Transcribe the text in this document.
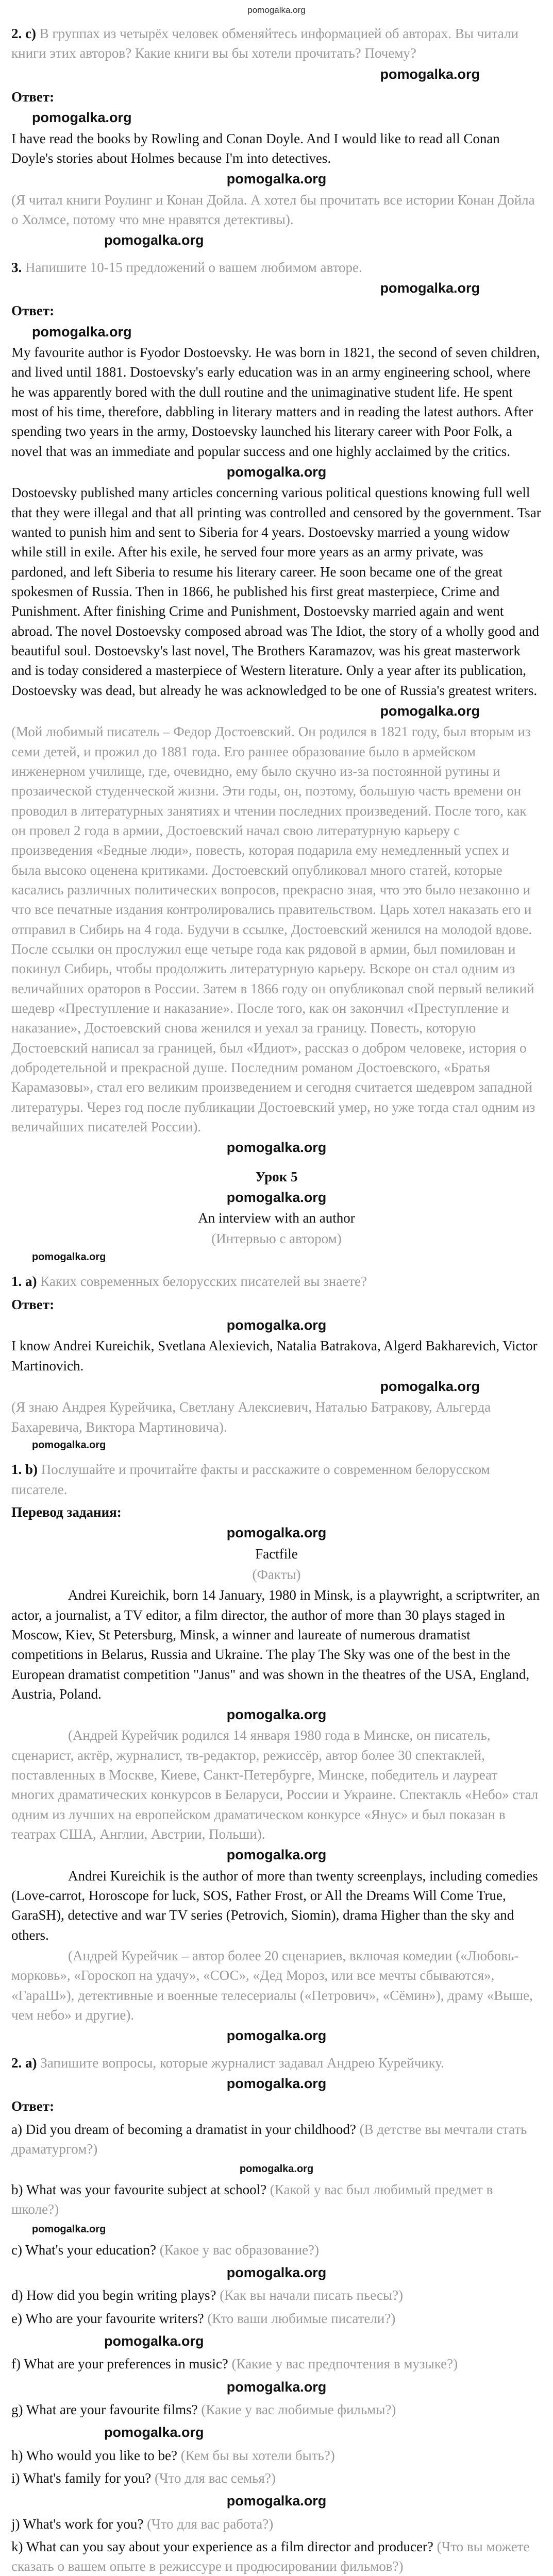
pomogalka.org

2. c) В группах из четырёх человек обменяйтесь информацией об авторах. Вы читали книги этих авторов? Какие книги вы бы хотели прочитать? Почему?

pomogalka.org

Ответ:

pomogalka.org

I have read the books by Rowling and Conan Doyle. And I would like to read all Conan Doyle's stories about Holmes because I'm into detectives.

pomogalka.org

(Я читал книги Роулинг и Конан Дойла. А хотел бы прочитать все истории Конан Дойла о Холмсе, потому что мне нравятся детективы).

pomogalka.org

3. Напишите 10-15 предложений о вашем любимом авторе.

pomogalka.org

Ответ:

pomogalka.org

My favourite author is Fyodor Dostoevsky. He was born in 1821, the second of seven children, and lived until 1881. Dostoevsky's early education was in an army engineering school, where he was apparently bored with the dull routine and the unimaginative student life. He spent most of his time, therefore, dabbling in literary matters and in reading the latest authors. After spending two years in the army, Dostoevsky launched his literary career with Poor Folk, a novel that was an immediate and popular success and one highly acclaimed by the critics.

pomogalka.org

Dostoevsky published many articles concerning various political questions knowing full well that they were illegal and that all printing was controlled and censored by the government. Tsar wanted to punish him and sent to Siberia for 4 years. Dostoevsky married a young widow while still in exile. After his exile, he served four more years as an army private, was pardoned, and left Siberia to resume his literary career. He soon became one of the great spokesmen of Russia. Then in 1866, he published his first great masterpiece, Crime and Punishment. After finishing Crime and Punishment, Dostoevsky married again and went abroad. The novel Dostoevsky composed abroad was The Idiot, the story of a wholly good and beautiful soul. Dostoevsky's last novel, The Brothers Karamazov, was his great masterwork and is today considered a masterpiece of Western literature. Only a year after its publication, Dostoevsky was dead, but already he was acknowledged to be one of Russia's greatest writers.

pomogalka.org

(Мой любимый писатель – Федор Достоевский. Он родился в 1821 году, был вторым из семи детей, и прожил до 1881 года. Его раннее образование было в армейском инженерном училище, где, очевидно, ему было скучно из-за постоянной рутины и прозаической студенческой жизни. Эти годы, он, поэтому, большую часть времени он проводил в литературных занятиях и чтении последних произведений. После того, как он провел 2 года в армии, Достоевский начал свою литературную карьеру с произведения «Бедные люди», повесть, которая подарила ему немедленный успех и была высоко оценена критиками. Достоевский опубликовал много статей, которые касались различных политических вопросов, прекрасно зная, что это было незаконно и что все печатные издания контролировались правительством. Царь хотел наказать его и отправил в Сибирь на 4 года. Будучи в ссылке, Достоевский женился на молодой вдове. После ссылки он прослужил еще четыре года как рядовой в армии, был помилован и покинул Сибирь, чтобы продолжить литературную карьеру. Вскоре он стал одним из величайших ораторов в России. Затем в 1866 году он опубликовал свой первый великий шедевр «Преступление и наказание». После того, как он закончил «Преступление и наказание», Достоевский снова женился и уехал за границу. Повесть, которую Достоевский написал за границей, был «Идиот», рассказ о добром человеке, история о добродетельной и прекрасной душе. Последним романом Достоевского, «Братья Карамазовы», стал его великим произведением и сегодня считается шедевром западной литературы. Через год после публикации Достоевский умер, но уже тогда стал одним из величайших писателей России).

pomogalka.org

Урок 5

pomogalka.org

An interview with an author

(Интервью с автором)

pomogalka.org

1. a) Каких современных белорусских писателей вы знаете?

Ответ:

pomogalka.org

I know Andrei Kureichik, Svetlana Alexievich, Natalia Batrakova, Algerd Bakharevich, Victor Martinovich.

pomogalka.org

(Я знаю Андрея Курейчика, Светлану Алексиевич, Наталью Батракову, Альгерда Бахаревича, Виктора Мартиновича).

pomogalka.org

1. b) Послушайте и прочитайте факты и расскажите о современном белорусском писателе.

Перевод задания:

pomogalka.org

Factfile

(Факты)

Andrei Kureichik, born 14 January, 1980 in Minsk, is a playwright, a scriptwriter, an actor, a journalist, a TV editor, a film director, the author of more than 30 plays staged in Moscow, Kiev, St Petersburg, Minsk, a winner and laureate of numerous dramatist competitions in Belarus, Russia and Ukraine. The play The Sky was one of the best in the European dramatist competition "Janus" and was shown in the theatres of the USA, England, Austria, Poland.

pomogalka.org

(Андрей Курейчик родился 14 января 1980 года в Минске, он писатель, сценарист, актёр, журналист, тв-редактор, режиссёр, автор более 30 спектаклей, поставленных в Москве, Киеве, Санкт-Петербурге, Минске, победитель и лауреат многих драматических конкурсов в Беларуси, России и Украине. Спектакль «Небо» стал одним из лучших на европейском драматическом конкурсе «Янус» и был показан в театрах США, Англии, Австрии, Польши).

pomogalka.org

Andrei Kureichik is the author of more than twenty screenplays, including comedies (Love-carrot, Horoscope for luck, SOS, Father Frost, or All the Dreams Will Come True, GaraSH), detective and war TV series (Petrovich, Siomin), drama Higher than the sky and others.

(Андрей Курейчик – автор более 20 сценариев, включая комедии («Любовь-морковь», «Гороскоп на удачу», «СОС», «Дед Мороз, или все мечты сбываются», «ГараШ»), детективные и военные телесериалы («Петрович», «Сёмин»), драму «Выше, чем небо» и другие).

pomogalka.org

2. a) Запишите вопросы, которые журналист задавал Андрею Курейчику.

pomogalka.org

Ответ:

a) Did you dream of becoming a dramatist in your childhood? (В детстве вы мечтали стать драматургом?)

pomogalka.org

b) What was your favourite subject at school? (Какой у вас был любимый предмет в школе?)

pomogalka.org

c) What's your education? (Какое у вас образование?)

pomogalka.org

d) How did you begin writing plays? (Как вы начали писать пьесы?)

e) Who are your favourite writers? (Кто ваши любимые писатели?)

pomogalka.org

f) What are your preferences in music? (Какие у вас предпочтения в музыке?)

pomogalka.org

g) What are your favourite films? (Какие у вас любимые фильмы?)

pomogalka.org

h) Who would you like to be? (Кем бы вы хотели быть?)

i) What's family for you? (Что для вас семья?)

pomogalka.org

j) What's work for you? (Что для вас работа?)

k) What can you say about your experience as a film director and producer? (Что вы можете сказать о вашем опыте в режиссуре и продюсировании фильмов?)
